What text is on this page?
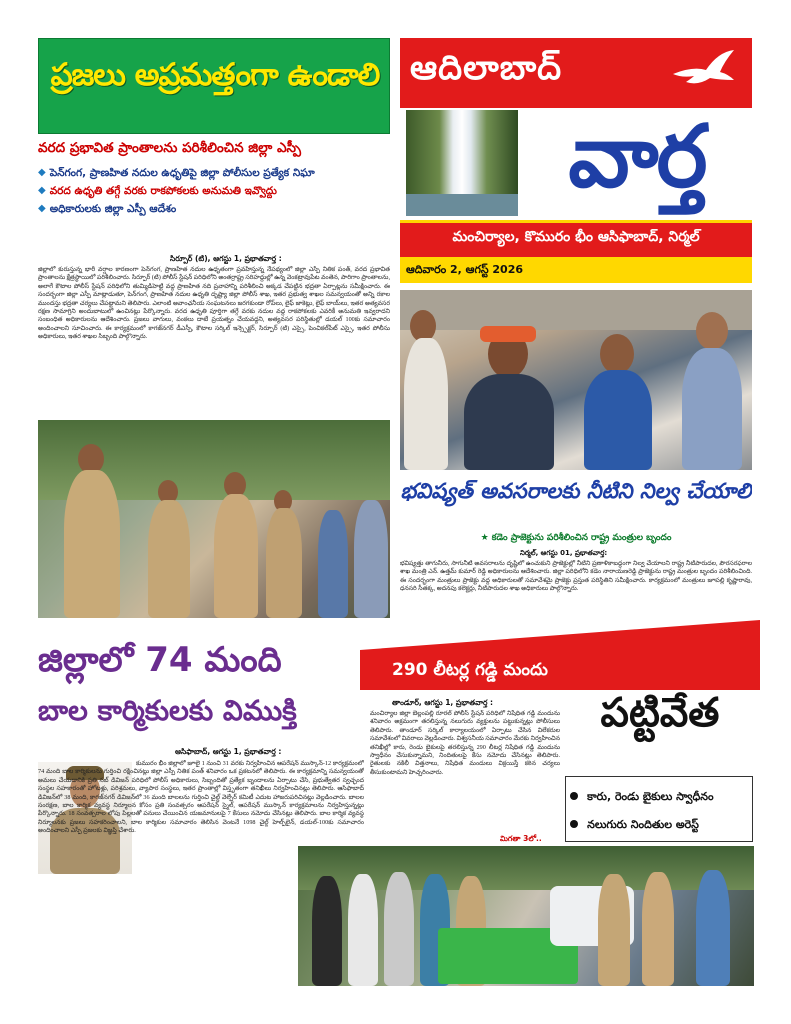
ప్రజలు అప్రమత్తంగా ఉండాలి
వరద ప్రభావిత ప్రాంతాలను పరిశీలించిన జిల్లా ఎస్పీ
◆ పెన్‌గంగ, ప్రాణహిత నదుల ఉధృతిపై జిల్లా పోలీసుల ప్రత్యేక నిఘా
◆ వరద ఉధృతి తగ్గే వరకు రాకపోకలకు అనుమతి ఇవ్వొద్దు
◆ అధికారులకు జిల్లా ఎస్పీ ఆదేశం
సిర్పూర్ (టి), ఆగస్టు 1, ప్రభాతవార్త :
జిల్లాలో కురుస్తున్న భారీ వర్షాల కారణంగా పెన్‌గంగ, ప్రాణహిత నదుల ఉధృతంగా ప్రవహిస్తున్న నేపథ్యంలో జిల్లా ఎస్పీ నితిక పంత్, వరద ప్రభావిత ప్రాంతాలను క్షేత్రస్థాయిలో పరిశీలించారు. సిర్పూర్ (టి) పోలీస్ స్టేషన్ పరిధిలోని అంతర్రాష్ట్ర సరిహద్దుల్లో ఉన్న వెంకట్రావుపేట వంతెన, పారిగాం ప్రాంతాలను, అలాగే కౌటాల పోలీస్ స్టేషన్ పరిధిలోని తుమ్మిడిహెట్టి వద్ద ప్రాణహిత నది ప్రవాహాన్ని పరిశీలించి అక్కడ చేపట్టిన భద్రతా ఏర్పాట్లను సమీక్షించారు. ఈ సందర్భంగా జిల్లా ఎస్పీ మాట్లాడుతూ, పెన్‌గంగ, ప్రాణహిత నదుల ఉధృతి దృష్ట్యా జిల్లా పోలీస్ శాఖ, ఇతర ప్రభుత్వ శాఖల సమన్వయంతో అన్ని రకాల ముందస్తు భద్రతా చర్యలు చేపట్టామని తెలిపారు. ఎలాంటి అవాంఛనీయ సంఘటనలు జరగకుండా రోప్‌లు, లైఫ్ జాకెట్లు, లైఫ్ బాయ్‌లు, ఇతర అత్యవసర రక్షణ సామాగ్రిని అందుబాటులో ఉంచినట్లు పేర్కొన్నారు. వరద ఉధృతి పూర్తిగా తగ్గే వరకు నదుల వద్ద రాకపోకలకు ఎవరికీ అనుమతి ఇవ్వరాదని సంబంధిత అధికారులను ఆదేశించారు. ప్రజలు వాగులు, వంకలు దాటే ప్రయత్నం చేయవద్దని, అత్యవసర పరిస్థితుల్లో డయల్ 100కు సమాచారం అందించాలని సూచించారు. ఈ కార్యక్రమంలో కాగజ్‌నగర్ డీఎస్పీ, కౌటాల సర్కిల్ ఇన్స్పెక్టర్, సిర్పూర్ (టి) ఎస్సై, పెంచికల్‌పేట్ ఎస్సై, ఇతర పోలీసు అధికారులు, ఇతర శాఖల సిబ్బంది పాల్గొన్నారు.
ఆదిలాబాద్
వార్త
మంచిర్యాల, కొమురం భీం ఆసిఫాబాద్, నిర్మల్
ఆదివారం 2, ఆగస్ట్ 2026
భవిష్యత్ అవసరాలకు నీటిని నిల్వ చేయాలి
★ కడెం ప్రాజెక్టును పరిశీలించిన రాష్ట్ర మంత్రుల బృందం
నిర్మల్, ఆగస్టు 01, ప్రభాతవార్త:
భవిష్యత్తు తాగునీరు, సాగునీటి అవసరాలను దృష్టిలో ఉంచుకుని ప్రాజెక్టుల్లో నీటిని ప్రణాళికాబద్ధంగా నిల్వ చేయాలని రాష్ట్ర నీటిపారుదల, పౌరసరఫరాల శాఖ మంత్రి ఎన్. ఉత్తమ్ కుమార్ రెడ్డి అధికారులను ఆదేశించారు. జిల్లా పరిధిలోని కడెం నారాయణరెడ్డి ప్రాజెక్టును రాష్ట్ర మంత్రుల బృందం పరిశీలించింది. ఈ సందర్భంగా మంత్రులు ప్రాజెక్టు వద్ద అధికారులతో సమావేశమై ప్రాజెక్టు ప్రస్తుత పరిస్థితిని సమీక్షించారు. కార్యక్రమంలో మంత్రులు జూపల్లి కృష్ణారావు, ధనసరి సీతక్క, అదనపు కలెక్టర్లు, నీటిపారుదల శాఖ అధికారులు పాల్గొన్నారు.
290 లీటర్ల గడ్డి మందు
జిల్లాలో 74 మంది
బాల కార్మికులకు విముక్తి
ఆసిఫాబాద్, ఆగస్టు 1, ప్రభాతవార్త :
కుమురం భీం జిల్లాలో జూలై 1 నుంచి 31 వరకు నిర్వహించిన ఆపరేషన్ ముస్కాన్-12 కార్యక్రమంలో 74 మంది బాల కార్మికులను గుర్తించి రక్షించినట్లు జిల్లా ఎస్పీ నితిక పంత్ శనివారం ఒక ప్రకటనలో తెలిపారు. ఈ కార్యక్రమాన్ని సమన్వయంతో అమలు చేయడానికి ప్రతి సబ్ డివిజన్ పరిధిలో పోలీస్ అధికారులు, సిబ్బందితో ప్రత్యేక బృందాలను ఏర్పాటు చేసి, ప్రభుత్వేతర స్వచ్ఛంద సంస్థల సహకారంతో హోటళ్లు, పరిశ్రమలు, వ్యాపార సంస్థలు, ఇతర ప్రాంతాల్లో విస్తృతంగా తనిఖీలు నిర్వహించినట్లు తెలిపారు. ఆసిఫాబాద్ డివిజన్‌లో 38 మంది, కాగజ్‌నగర్ డివిజన్‌లో 36 మంది బాలలను గుర్తించి చైల్డ్ వెల్ఫేర్ కమిటీ ఎదుట హాజరుపరిచినట్లు వెల్లడించారు. బాలల సంరక్షణ, బాల కార్మిక వ్యవస్థ నిర్మూలన కోసం ప్రతి సంవత్సరం ఆపరేషన్ స్మైల్, ఆపరేషన్ ముస్కాన్ కార్యక్రమాలను నిర్వహిస్తున్నట్లు పేర్కొన్నారు. 18 సంవత్సరాల లోపు పిల్లలతో పనులు చేయించిన యజమానులపై 7 కేసులు నమోదు చేసినట్లు తెలిపారు. బాల కార్మిక వ్యవస్థ నిర్మూలనకు ప్రజలు సహకరించాలని, బాల కార్మికుల సమాచారం తెలిసిన వెంటనే 1098 చైల్డ్ హెల్ప్‌లైన్, డయల్-100కు సమాచారం అందించాలని ఎస్పీ ప్రజలకు విజ్ఞప్తి చేశారు.
తాండూర్, ఆగస్టు 1, ప్రభాతవార్త :
మంచిర్యాల జిల్లా బెల్లంపల్లి రూరల్ పోలీస్ స్టేషన్ పరిధిలో నిషేధిత గడ్డి మందును శనివారం అక్రమంగా తరలిస్తున్న నలుగురు వ్యక్తులను పట్టుకున్నట్లు పోలీసులు తెలిపారు. తాండూర్ సర్కిల్ కార్యాలయంలో ఏర్పాటు చేసిన విలేకరుల సమావేశంలో వివరాలు వెల్లడించారు. విశ్వసనీయ సమాచారం మేరకు నిర్వహించిన తనిఖీల్లో కారు, రెండు బైకులపై తరలిస్తున్న 290 లీటర్ల నిషేధిత గడ్డి మందును స్వాధీనం చేసుకున్నామని, నిందితులపై కేసు నమోదు చేసినట్లు తెలిపారు. రైతులకు నకిలీ విత్తనాలు, నిషేధిత మందులు విక్రయిస్తే కఠిన చర్యలు తీసుకుంటామని హెచ్చరించారు.
మిగతా 3లో..
పట్టివేత
కారు, రెండు బైకులు స్వాధీనం
నలుగురు నిందితుల అరెస్ట్
